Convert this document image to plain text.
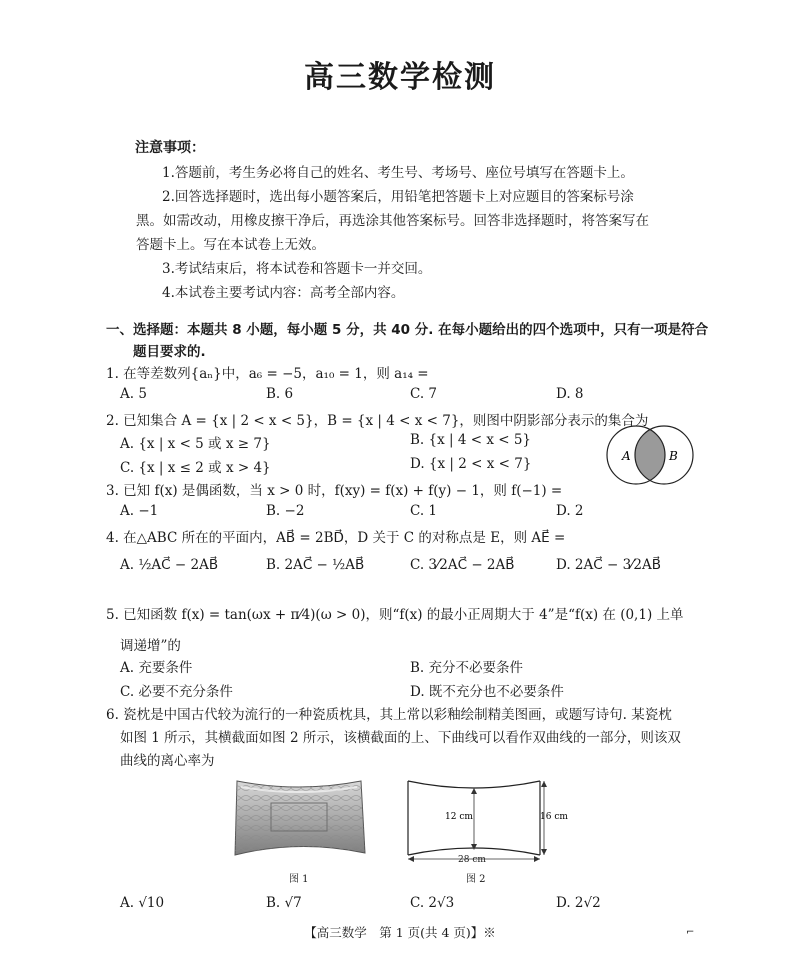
高三数学检测
注意事项：
1.答题前，考生务必将自己的姓名、考生号、考场号、座位号填写在答题卡上。
2.回答选择题时，选出每小题答案后，用铅笔把答题卡上对应题目的答案标号涂
黑。如需改动，用橡皮擦干净后，再选涂其他答案标号。回答非选择题时，将答案写在
答题卡上。写在本试卷上无效。
3.考试结束后，将本试卷和答题卡一并交回。
4.本试卷主要考试内容：高考全部内容。
一、选择题：本题共 8 小题，每小题 5 分，共 40 分. 在每小题给出的四个选项中，只有一项是符合
题目要求的.
1. 在等差数列{aₙ}中，a₆ = −5，a₁₀ = 1，则 a₁₄ =
A. 5	B. 6	C. 7	D. 8
2. 已知集合 A = {x | 2 < x < 5}，B = {x | 4 < x < 7}，则图中阴影部分表示的集合为
A. {x | x < 5 或 x ≥ 7}	B. {x | 4 < x < 5}
C. {x | x ≤ 2 或 x > 4}	D. {x | 2 < x < 7}	A	B
3. 已知 f(x) 是偶函数，当 x > 0 时，f(xy) = f(x) + f(y) − 1，则 f(−1) =
A. −1	B. −2	C. 1	D. 2
4. 在△ABC 所在的平面内，AB⃗ = 2BD⃗，D 关于 C 的对称点是 E，则 AE⃗ =
A. ½AC⃗ − 2AB⃗	B. 2AC⃗ − ½AB⃗	C. 3⁄2AC⃗ − 2AB⃗	D. 2AC⃗ − 3⁄2AB⃗
5. 已知函数 f(x) = tan(ωx + π⁄4)(ω > 0)，则“f(x) 的最小正周期大于 4”是“f(x) 在 (0,1) 上单
调递增”的
A. 充要条件	B. 充分不必要条件
C. 必要不充分条件	D. 既不充分也不必要条件
6. 瓷枕是中国古代较为流行的一种瓷质枕具，其上常以彩釉绘制精美图画，或题写诗句. 某瓷枕
如图 1 所示，其横截面如图 2 所示，该横截面的上、下曲线可以看作双曲线的一部分，则该双
曲线的离心率为
图 1
12 cm	16 cm
28 cm
图 2
A. √10	B. √7	C. 2√3	D. 2√2
【高三数学　第 1 页(共 4 页)】※	⌐
